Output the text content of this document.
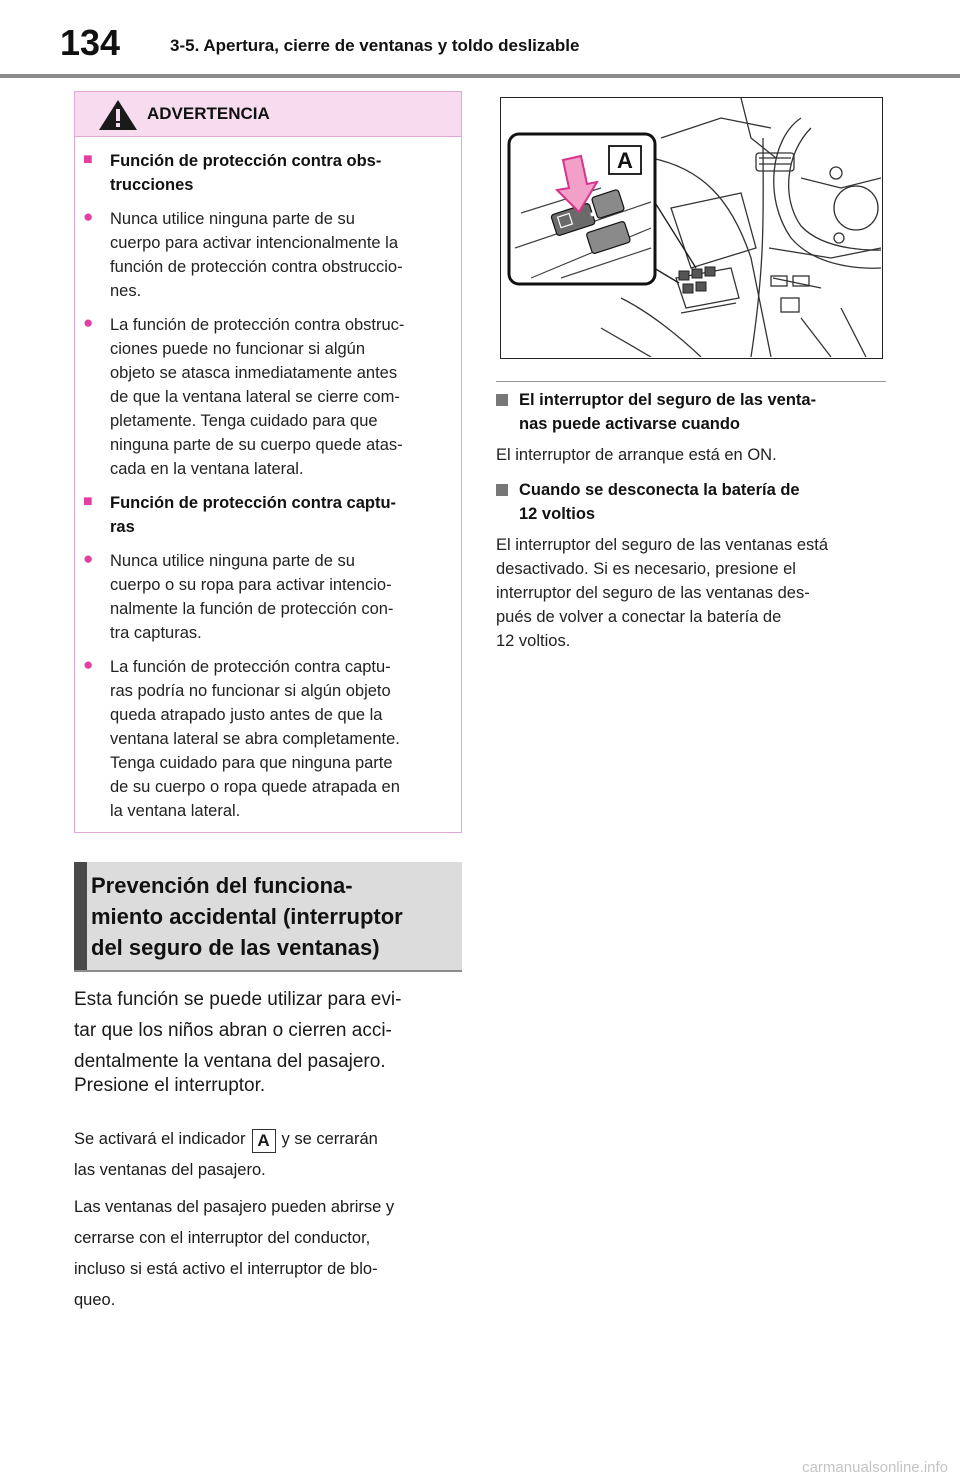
134	3-5. Apertura, cierre de ventanas y toldo deslizable
ADVERTENCIA
■ Función de protección contra obs-
trucciones
● Nunca utilice ninguna parte de su
cuerpo para activar intencionalmente la
función de protección contra obstruccio-
nes.
● La función de protección contra obstruc-
ciones puede no funcionar si algún
objeto se atasca inmediatamente antes
de que la ventana lateral se cierre com-
pletamente. Tenga cuidado para que
ninguna parte de su cuerpo quede atas-
cada en la ventana lateral.
■ Función de protección contra captu-
ras
● Nunca utilice ninguna parte de su
cuerpo o su ropa para activar intencio-
nalmente la función de protección con-
tra capturas.
● La función de protección contra captu-
ras podría no funcionar si algún objeto
queda atrapado justo antes de que la
ventana lateral se abra completamente.
Tenga cuidado para que ninguna parte
de su cuerpo o ropa quede atrapada en
la ventana lateral.
Prevención del funciona-
miento accidental (interruptor
del seguro de las ventanas)
Esta función se puede utilizar para evi-
tar que los niños abran o cierren acci-
dentalmente la ventana del pasajero.
Presione el interruptor.
Se activará el indicador A y se cerrarán
las ventanas del pasajero.
Las ventanas del pasajero pueden abrirse y
cerrarse con el interruptor del conductor,
incluso si está activo el interruptor de blo-
queo.
A
El interruptor del seguro de las venta-
nas puede activarse cuando
El interruptor de arranque está en ON.
Cuando se desconecta la batería de
12 voltios
El interruptor del seguro de las ventanas está
desactivado. Si es necesario, presione el
interruptor del seguro de las ventanas des-
pués de volver a conectar la batería de
12 voltios.
carmanualsonline.info
